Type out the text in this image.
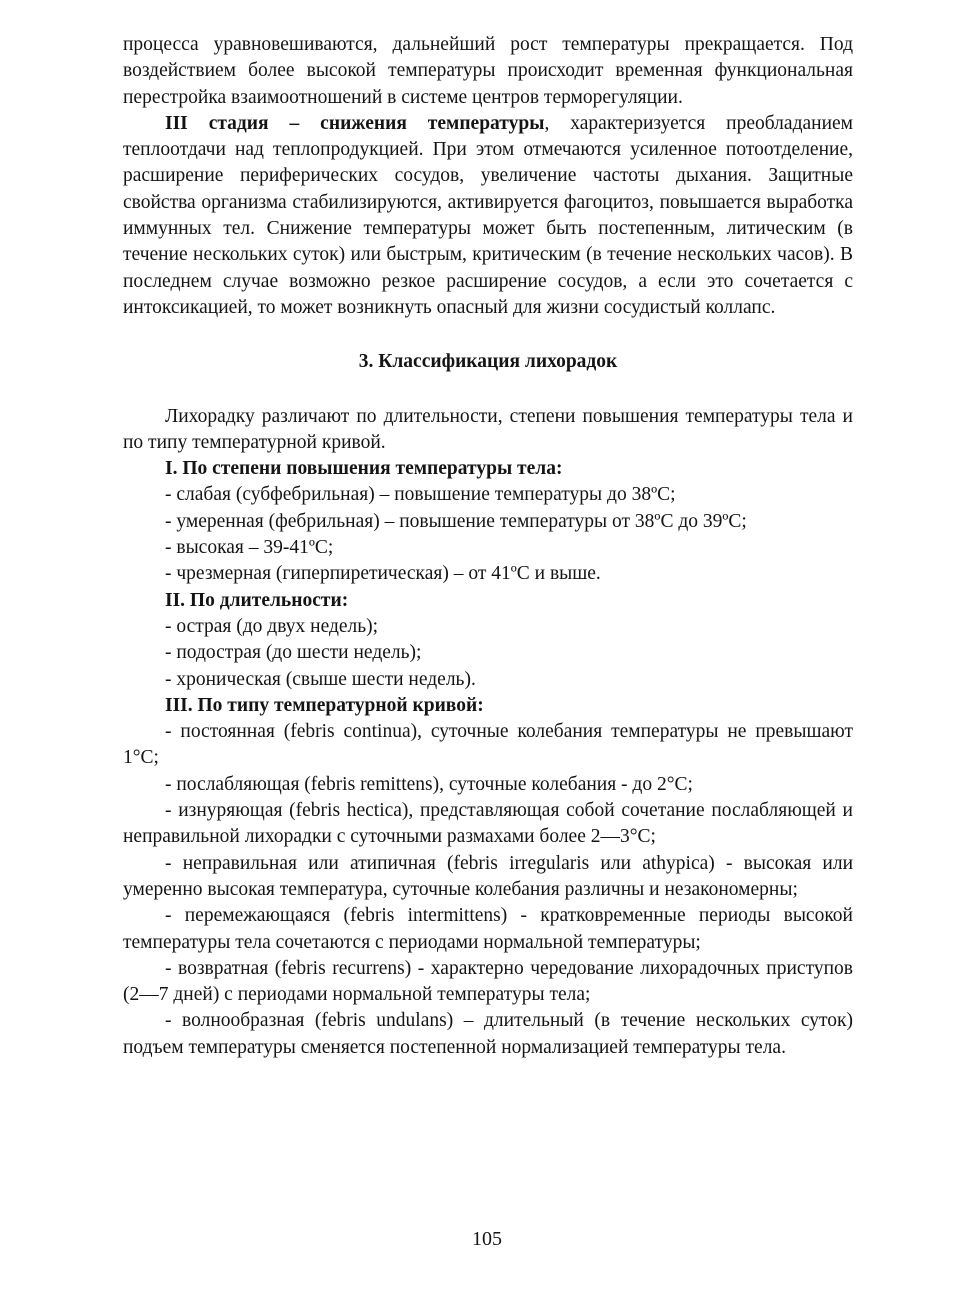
процесса уравновешиваются, дальнейший рост температуры прекращается. Под воздействием более высокой температуры происходит временная функциональная перестройка взаимоотношений в системе центров терморегуляции.

III стадия – снижения температуры, характеризуется преобладанием теплоотдачи над теплопродукцией. При этом отмечаются усиленное потоотделение, расширение периферических сосудов, увеличение частоты дыхания. Защитные свойства организма стабилизируются, активируется фагоцитоз, повышается выработка иммунных тел. Снижение температуры может быть постепенным, литическим (в течение нескольких суток) или быстрым, критическим (в течение нескольких часов). В последнем случае возможно резкое расширение сосудов, а если это сочетается с интоксикацией, то может возникнуть опасный для жизни сосудистый коллапс.

3. Классификация лихорадок

Лихорадку различают по длительности, степени повышения температуры тела и по типу температурной кривой.

I. По степени повышения температуры тела:

- слабая (субфебрильная) – повышение температуры до 38ºС;

- умеренная (фебрильная) – повышение температуры от 38ºС до 39ºС;

- высокая – 39-41ºС;

- чрезмерная (гиперпиретическая) – от 41ºС и выше.

II. По длительности:

- острая (до двух недель);

- подострая (до шести недель);

- хроническая (свыше шести недель).

III. По типу температурной кривой:

- постоянная (febris continua), суточные колебания температуры не превышают 1°С;

- послабляющая (febris remittens), суточные колебания - до 2°С;

- изнуряющая (febris hectica), представляющая собой сочетание послабляющей и неправильной лихорадки с суточными размахами более 2—3°С;

- неправильная или атипичная (febris irregularis или athypica) - высокая или умеренно высокая температура, суточные колебания различны и незакономерны;

- перемежающаяся (febris intermittens) - кратковременные периоды высокой температуры тела сочетаются с периодами нормальной температуры;

- возвратная (febris recurrens) - характерно чередование лихорадочных приступов (2—7 дней) с периодами нормальной температуры тела;

- волнообразная (febris undulans) – длительный (в течение нескольких суток) подъем температуры сменяется постепенной нормализацией температуры тела.

105
